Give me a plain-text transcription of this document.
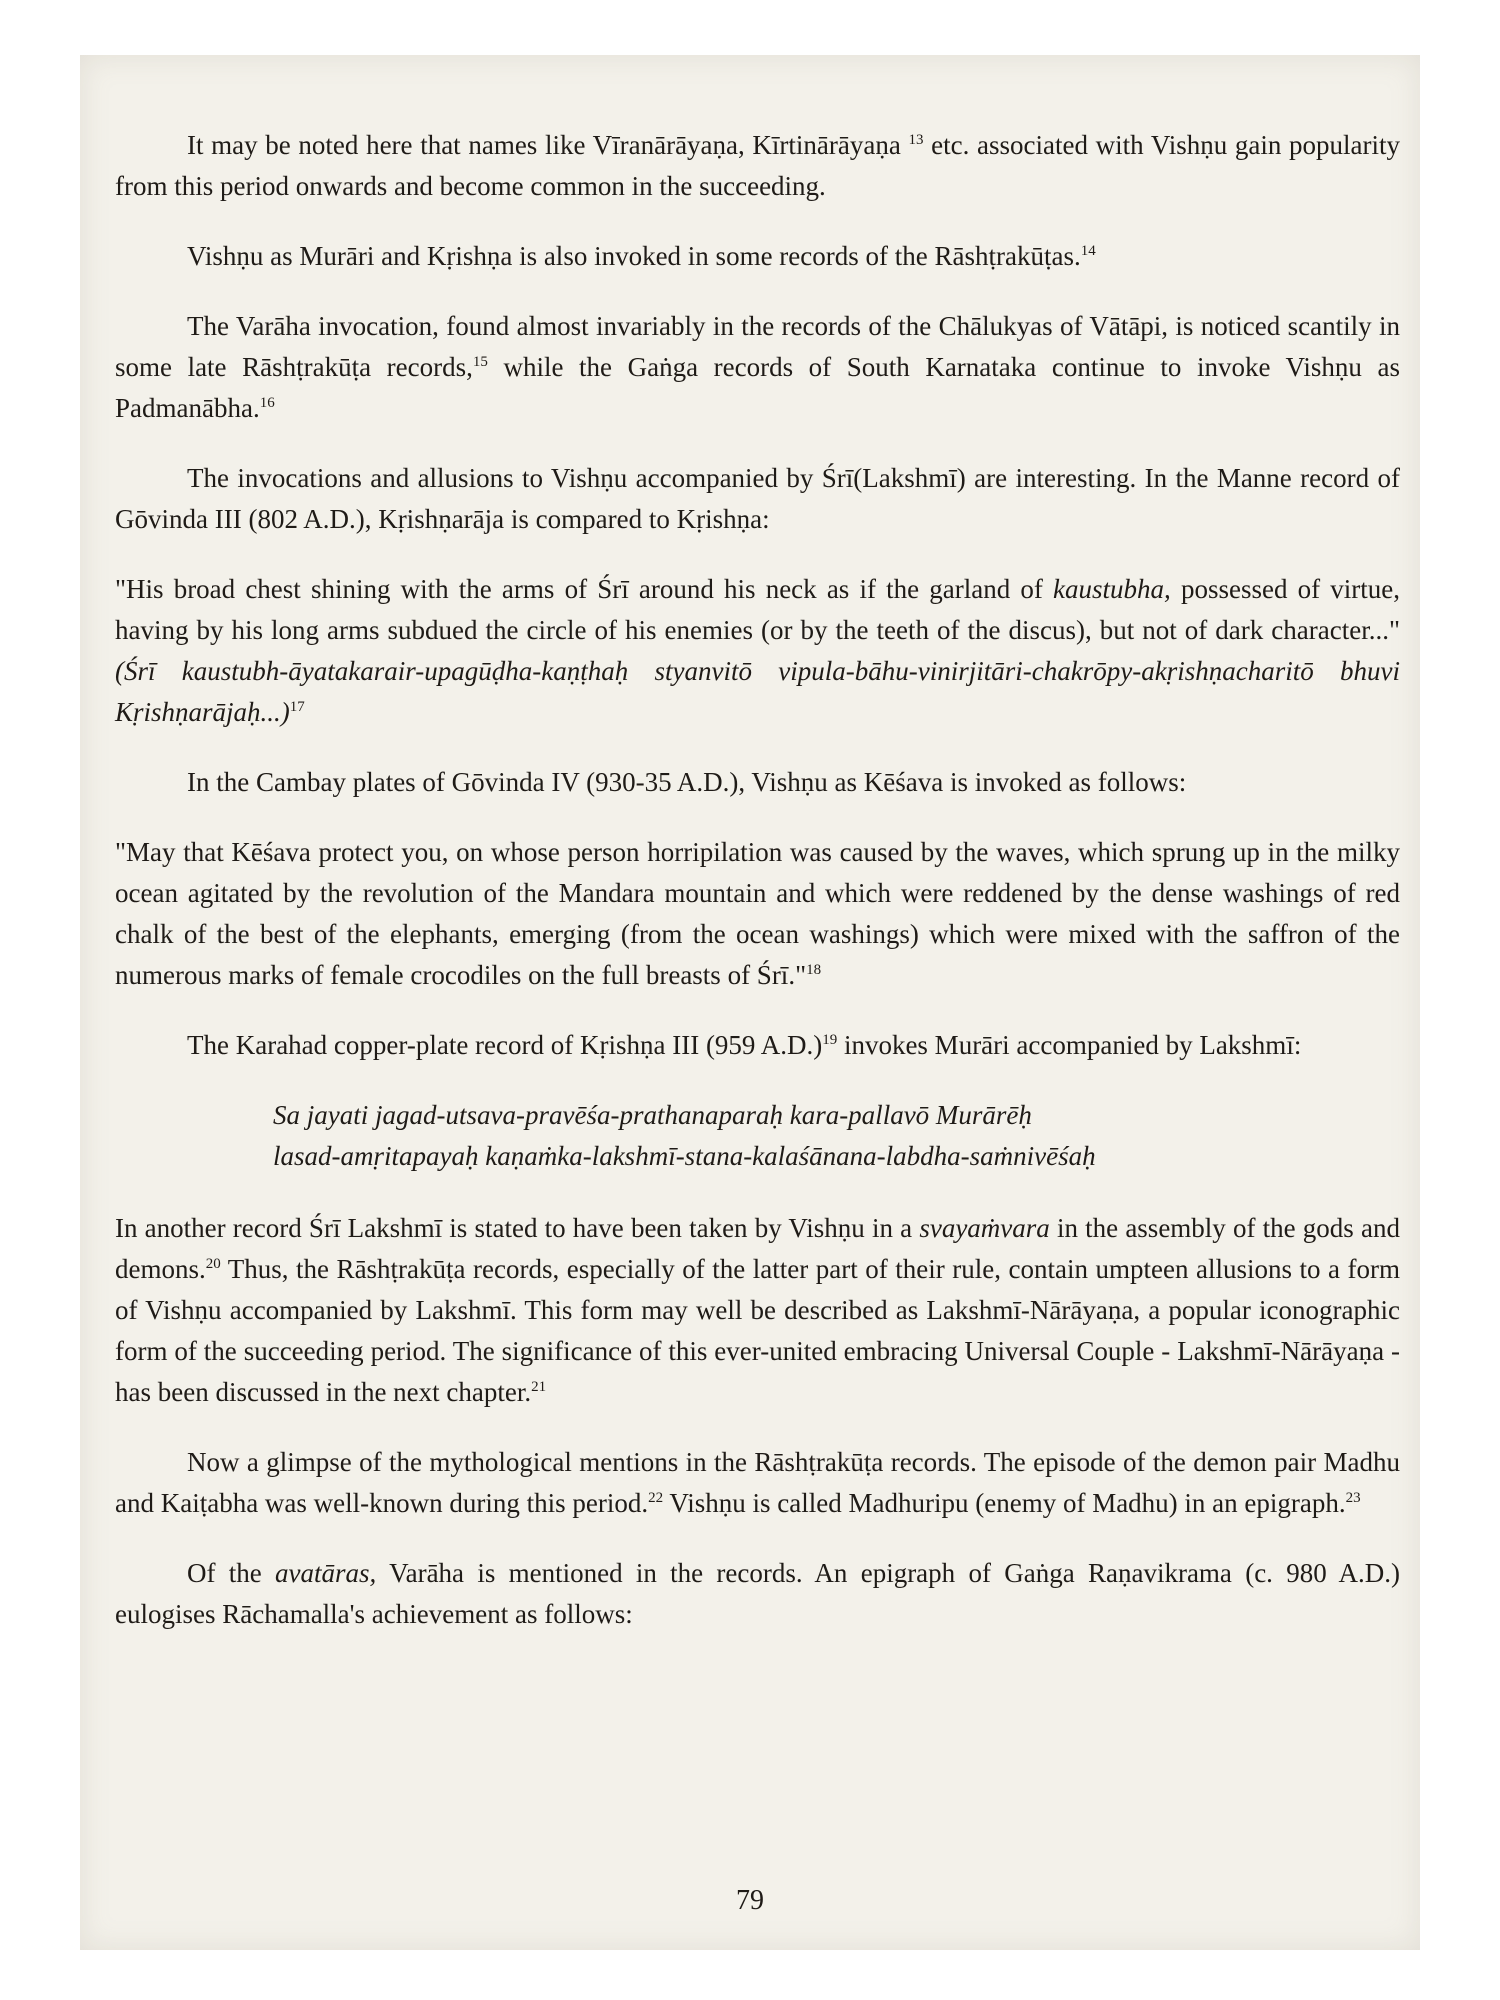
It may be noted here that names like Vīranārāyaṇa, Kīrtinārāyaṇa $^{13}$ etc. associated with Vishṇu gain popularity from this period onwards and become common in the succeeding.

Vishṇu as Murāri and Kṛishṇa is also invoked in some records of the Rāshṭrakūṭas.$^{14}$

The Varāha invocation, found almost invariably in the records of the Chālukyas of Vātāpi, is noticed scantily in some late Rāshṭrakūṭa records,$^{15}$ while the Gaṅga records of South Karnataka continue to invoke Vishṇu as Padmanābha.$^{16}$

The invocations and allusions to Vishṇu accompanied by Śrī(Lakshmī) are interesting. In the Manne record of Gōvinda III (802 A.D.), Kṛishṇarāja is compared to Kṛishṇa:

"His broad chest shining with the arms of Śrī around his neck as if the garland of kaustubha, possessed of virtue, having by his long arms subdued the circle of his enemies (or by the teeth of the discus), but not of dark character..." (Śrī kaustubh-āyatakarair-upagūḍha-kaṇṭhaḥ styanvitō vipula-bāhu-vinirjitāri-chakrōpy-akṛishṇacharitō bhuvi Kṛishṇarājaḥ...)$^{17}$

In the Cambay plates of Gōvinda IV (930-35 A.D.), Vishṇu as Kēśava is invoked as follows:

"May that Kēśava protect you, on whose person horripilation was caused by the waves, which sprung up in the milky ocean agitated by the revolution of the Mandara mountain and which were reddened by the dense washings of red chalk of the best of the elephants, emerging (from the ocean washings) which were mixed with the saffron of the numerous marks of female crocodiles on the full breasts of Śrī."$^{18}$

The Karahad copper-plate record of Kṛishṇa III (959 A.D.)$^{19}$ invokes Murāri accompanied by Lakshmī:

Sa jayati jagad-utsava-pravēśa-prathanaparaḥ kara-pallavō Murārēḥ
lasad-amṛitapayaḥ kaṇaṁka-lakshmī-stana-kalaśānana-labdha-saṁnivēśaḥ

In another record Śrī Lakshmī is stated to have been taken by Vishṇu in a svayaṁvara in the assembly of the gods and demons.$^{20}$ Thus, the Rāshṭrakūṭa records, especially of the latter part of their rule, contain umpteen allusions to a form of Vishṇu accompanied by Lakshmī. This form may well be described as Lakshmī-Nārāyaṇa, a popular iconographic form of the succeeding period. The significance of this ever-united embracing Universal Couple - Lakshmī-Nārāyaṇa - has been discussed in the next chapter.$^{21}$

Now a glimpse of the mythological mentions in the Rāshṭrakūṭa records. The episode of the demon pair Madhu and Kaiṭabha was well-known during this period.$^{22}$ Vishṇu is called Madhuripu (enemy of Madhu) in an epigraph.$^{23}$

Of the avatāras, Varāha is mentioned in the records. An epigraph of Gaṅga Raṇavikrama (c. 980 A.D.) eulogises Rāchamalla's achievement as follows:

79
